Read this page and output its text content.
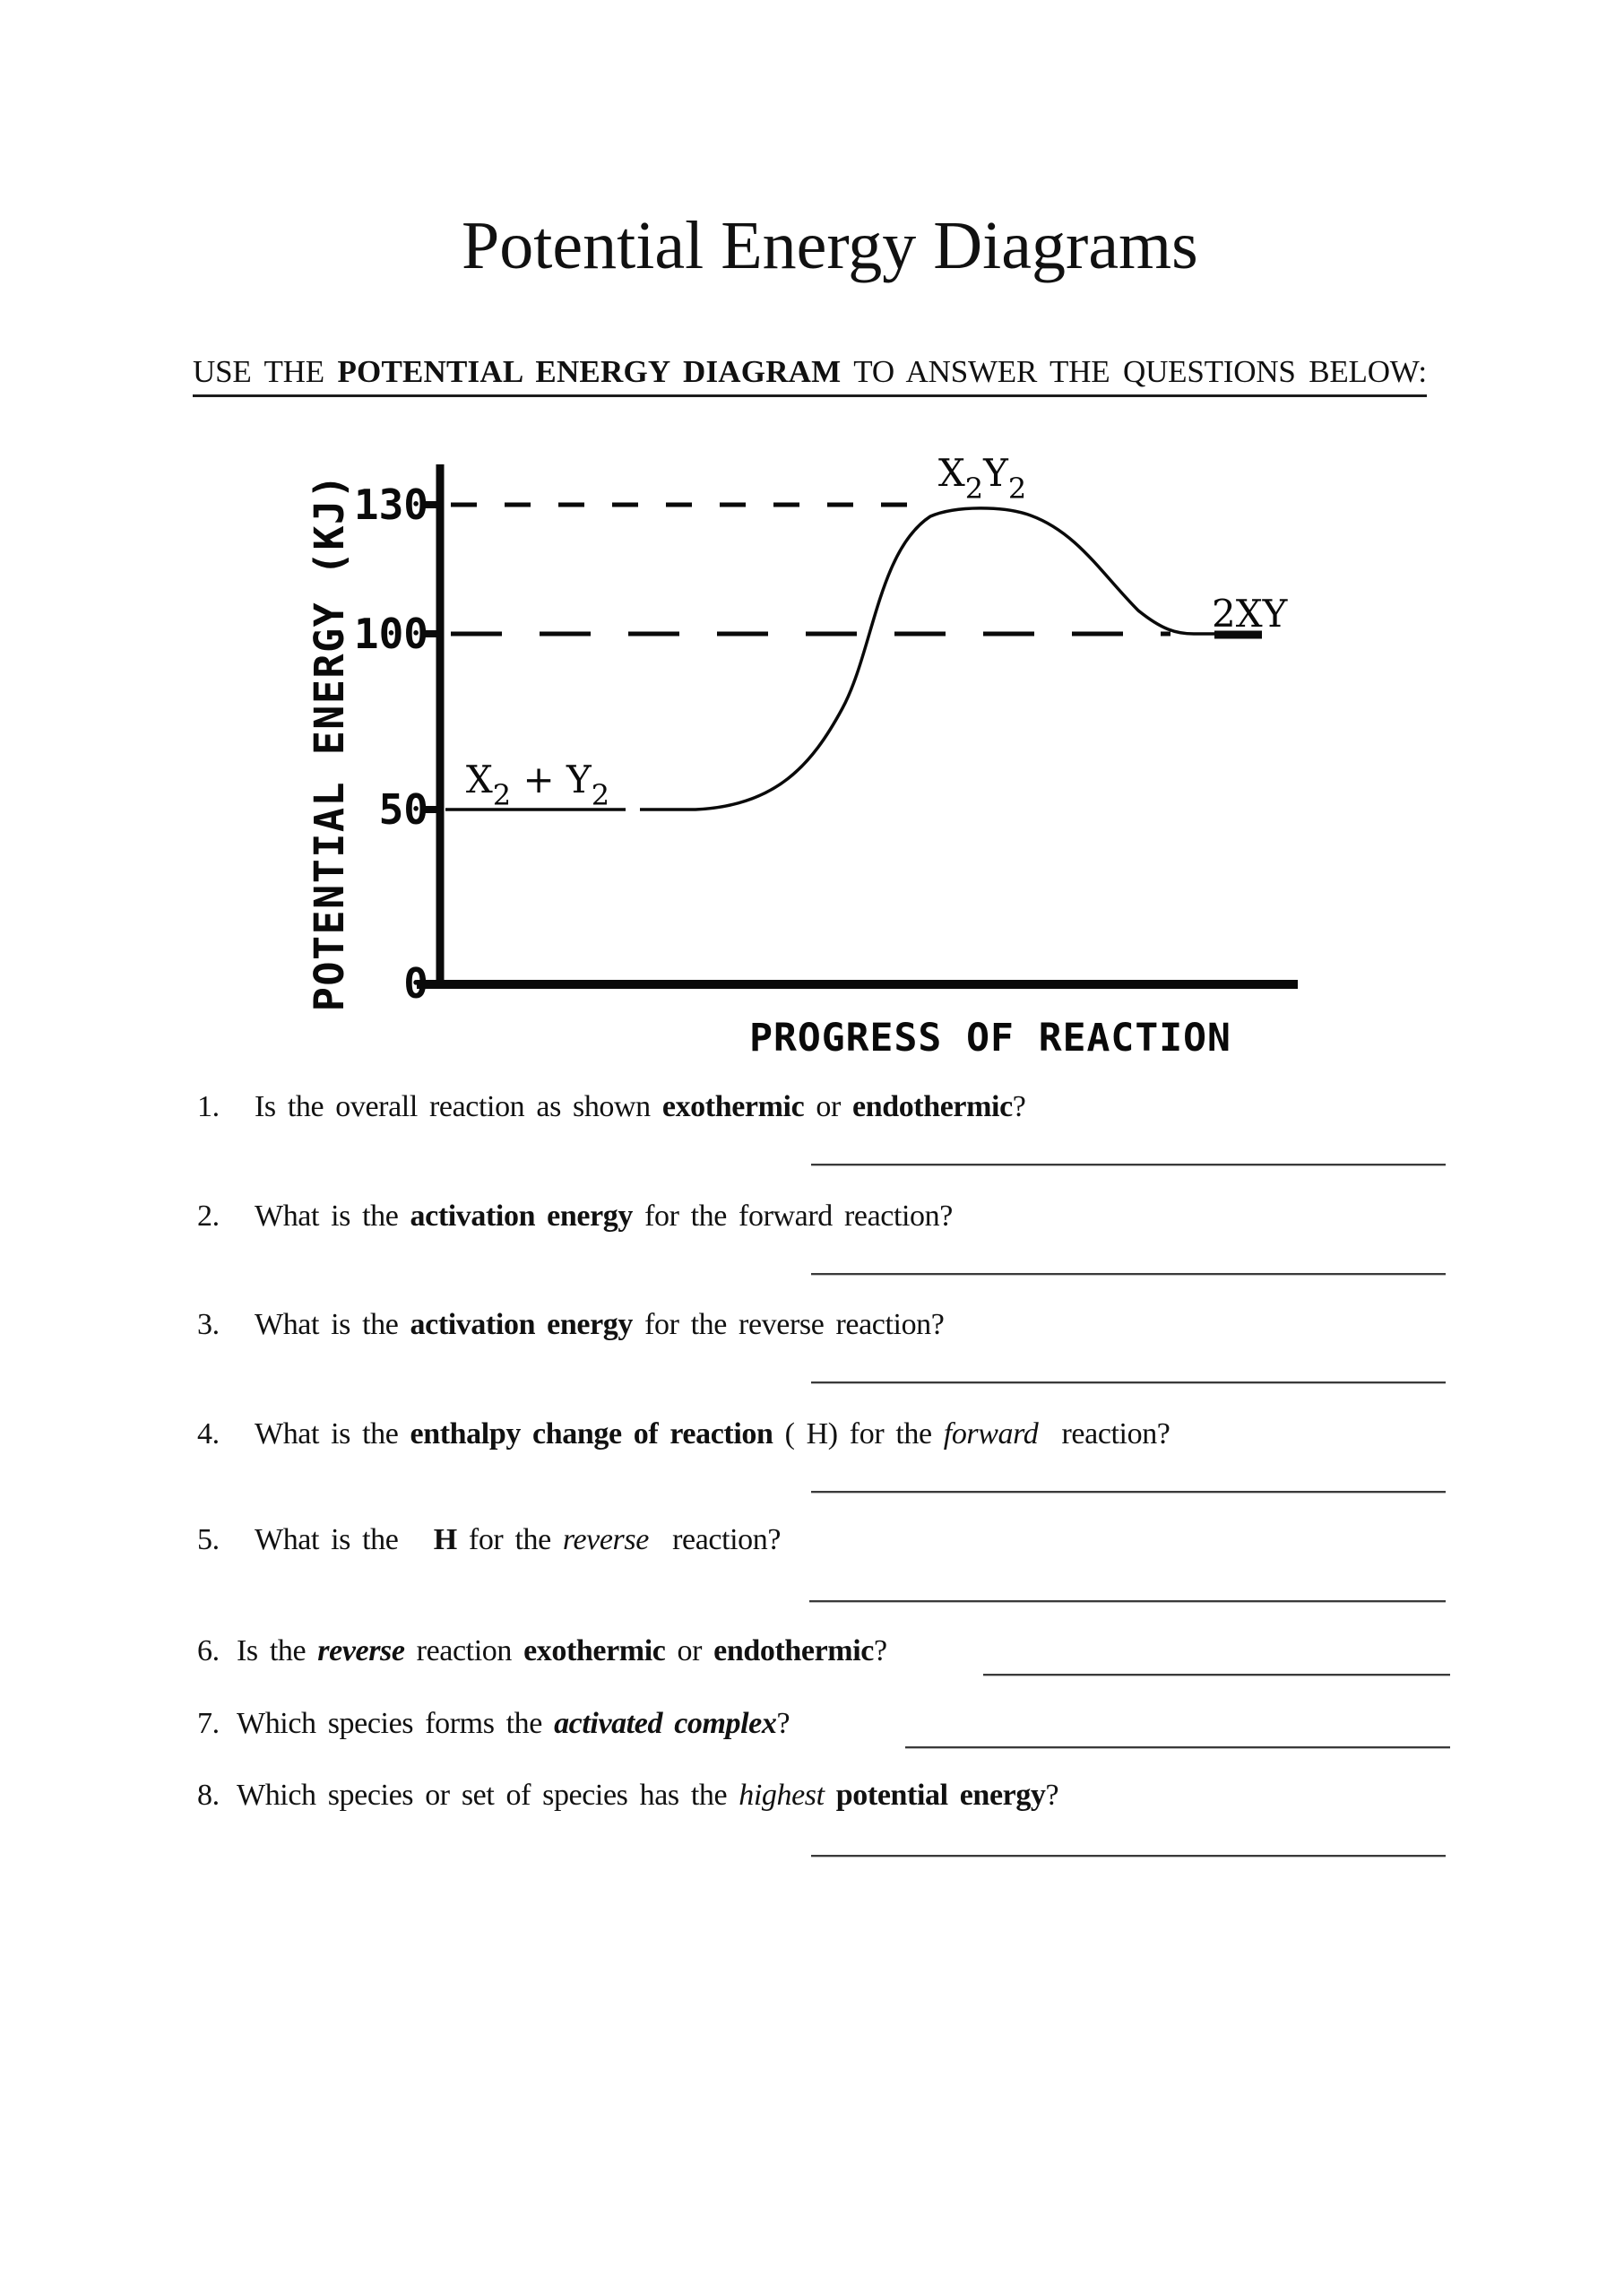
Potential Energy Diagrams
USE THE POTENTIAL ENERGY DIAGRAM TO ANSWER THE QUESTIONS BELOW:
130
100
50
0
POTENTIAL ENERGY (KJ)
PROGRESS OF REACTION
$X_2 + Y_2$
$X_2Y_2$
2XY
1. Is the overall reaction as shown exothermic or endothermic?
2. What is the activation energy for the forward reaction?
3. What is the activation energy for the reverse reaction?
4. What is the enthalpy change of reaction ( H) for the forward  reaction?
5. What is the   H for the reverse  reaction?
6. Is the reverse reaction exothermic or endothermic?
7. Which species forms the activated complex?
8. Which species or set of species has the highest potential energy?
